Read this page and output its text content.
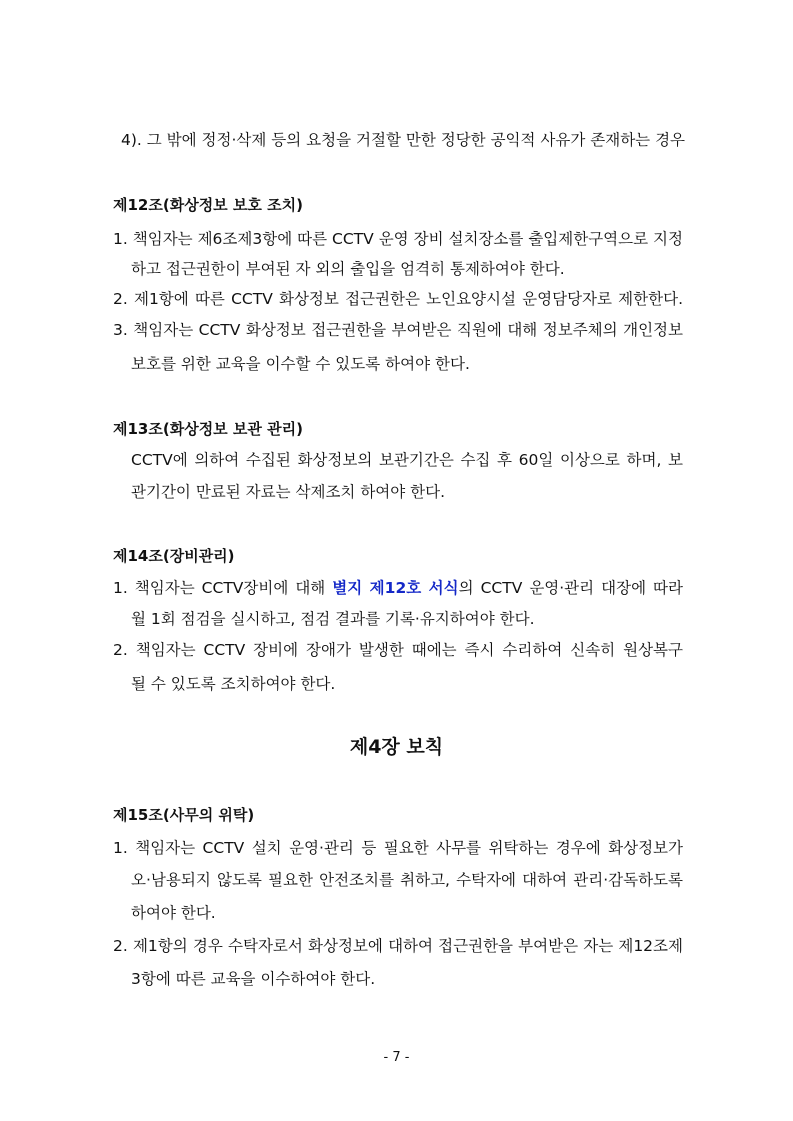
4). 그 밖에 정정·삭제 등의 요청을 거절할 만한 정당한 공익적 사유가 존재하는 경우
제12조(화상정보 보호 조치)
1. 책임자는 제6조제3항에 따른 CCTV 운영 장비 설치장소를 출입제한구역으로 지정
하고 접근권한이 부여된 자 외의 출입을 엄격히 통제하여야 한다.
2. 제1항에 따른 CCTV 화상정보 접근권한은 노인요양시설 운영담당자로 제한한다.
3. 책임자는 CCTV 화상정보 접근권한을 부여받은 직원에 대해 정보주체의 개인정보
보호를 위한 교육을 이수할 수 있도록 하여야 한다.
제13조(화상정보 보관 관리)
CCTV에 의하여 수집된 화상정보의 보관기간은 수집 후 60일 이상으로 하며, 보
관기간이 만료된 자료는 삭제조치 하여야 한다.
제14조(장비관리)
1. 책임자는 CCTV장비에 대해 별지 제12호 서식의 CCTV 운영·관리 대장에 따라
월 1회 점검을 실시하고, 점검 결과를 기록·유지하여야 한다.
2. 책임자는 CCTV 장비에 장애가 발생한 때에는 즉시 수리하여 신속히 원상복구
될 수 있도록 조치하여야 한다.
제4장 보칙
제15조(사무의 위탁)
1. 책임자는 CCTV 설치 운영·관리 등 필요한 사무를 위탁하는 경우에 화상정보가
오·남용되지 않도록 필요한 안전조치를 취하고, 수탁자에 대하여 관리·감독하도록
하여야 한다.
2. 제1항의 경우 수탁자로서 화상정보에 대하여 접근권한을 부여받은 자는 제12조제
3항에 따른 교육을 이수하여야 한다.
- 7 -
